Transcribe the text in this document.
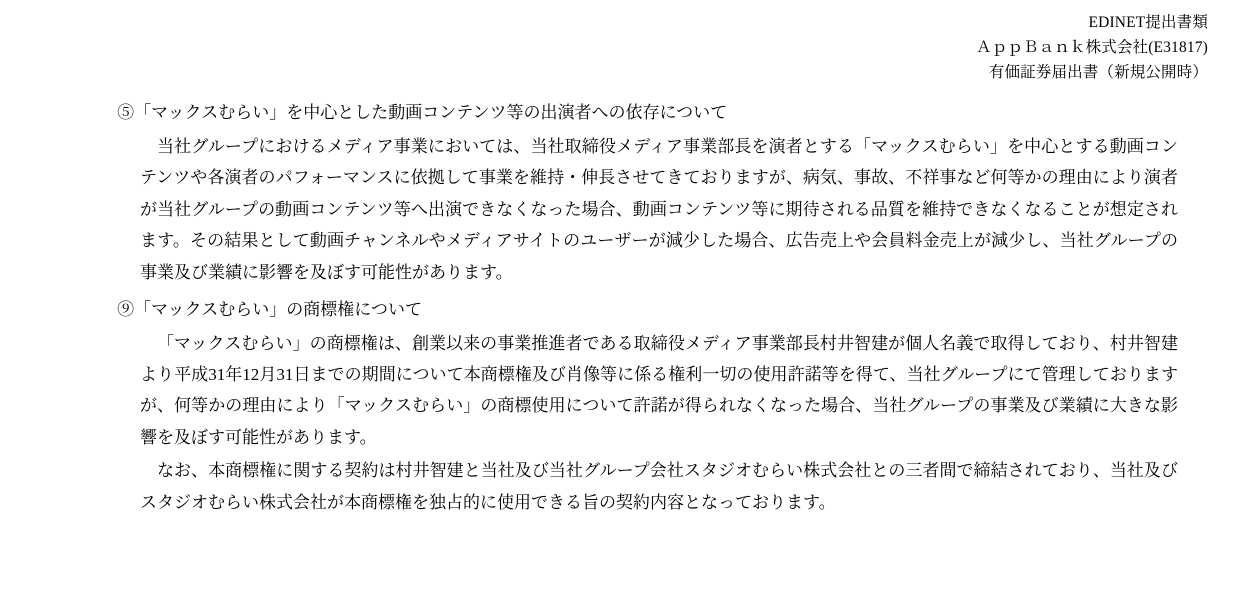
EDINET提出書類
ＡｐｐＢａｎｋ株式会社(E31817)
有価証券届出書（新規公開時）
⑤「マックスむらい」を中心とした動画コンテンツ等の出演者への依存について

当社グループにおけるメディア事業においては、当社取締役メディア事業部長を演者とする「マックスむらい」を中心とする動画コンテンツや各演者のパフォーマンスに依拠して事業を維持・伸長させてきておりますが、病気、事故、不祥事など何等かの理由により演者が当社グループの動画コンテンツ等へ出演できなくなった場合、動画コンテンツ等に期待される品質を維持できなくなることが想定されます。その結果として動画チャンネルやメディアサイトのユーザーが減少した場合、広告売上や会員料金売上が減少し、当社グループの事業及び業績に影響を及ぼす可能性があります。

⑨「マックスむらい」の商標権について

「マックスむらい」の商標権は、創業以来の事業推進者である取締役メディア事業部長村井智建が個人名義で取得しており、村井智建より平成31年12月31日までの期間について本商標権及び肖像等に係る権利一切の使用許諾等を得て、当社グループにて管理しておりますが、何等かの理由により「マックスむらい」の商標使用について許諾が得られなくなった場合、当社グループの事業及び業績に大きな影響を及ぼす可能性があります。

なお、本商標権に関する契約は村井智建と当社及び当社グループ会社スタジオむらい株式会社との三者間で締結されており、当社及びスタジオむらい株式会社が本商標権を独占的に使用できる旨の契約内容となっております。
